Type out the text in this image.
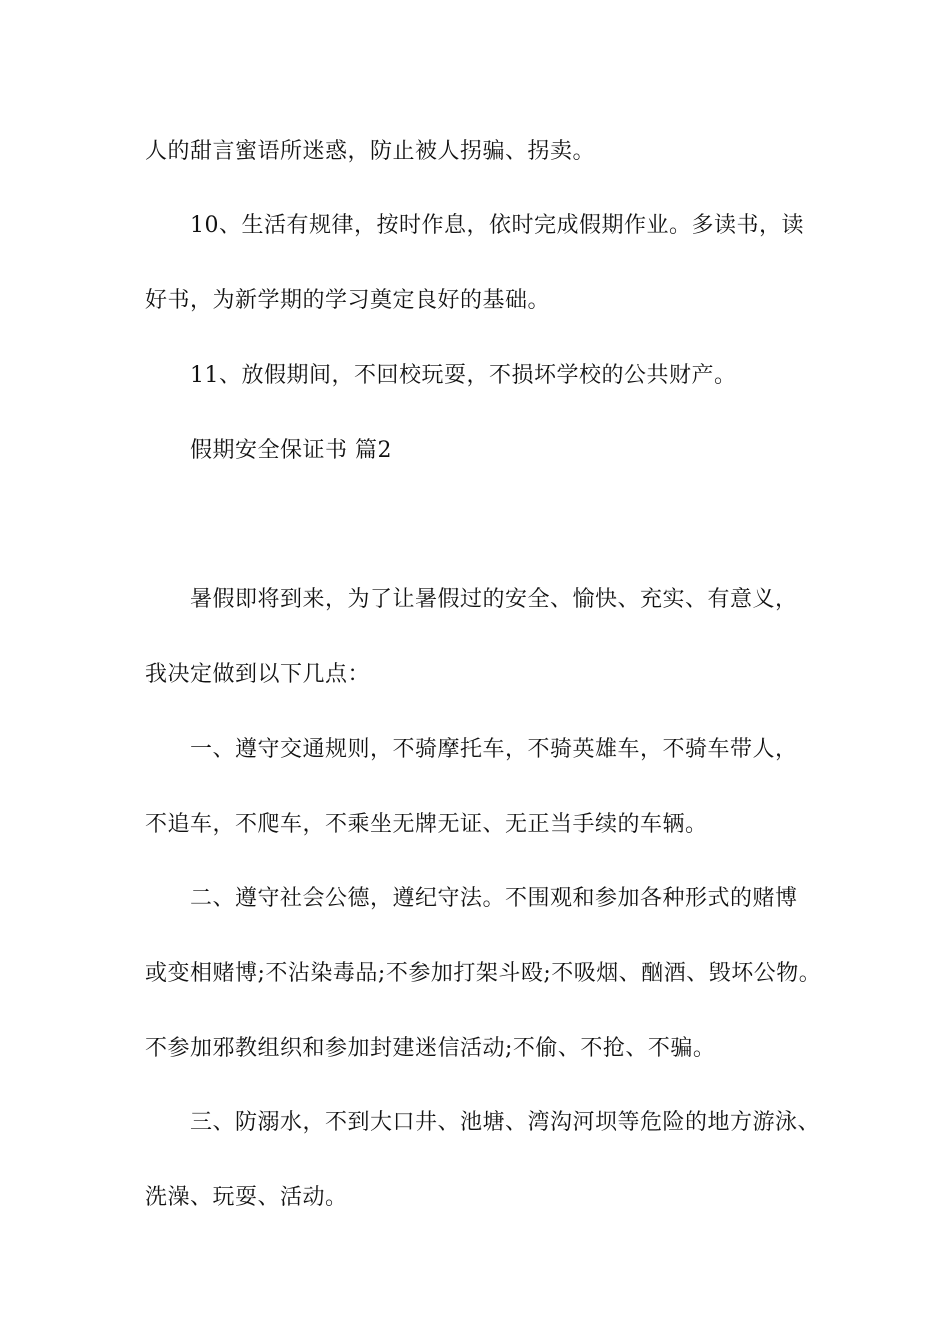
人的甜言蜜语所迷惑，防止被人拐骗、拐卖。
10、生活有规律，按时作息，依时完成假期作业。多读书，读
好书，为新学期的学习奠定良好的基础。
11、放假期间，不回校玩耍，不损坏学校的公共财产。
假期安全保证书 篇2
暑假即将到来，为了让暑假过的安全、愉快、充实、有意义，
我决定做到以下几点：
一、遵守交通规则，不骑摩托车，不骑英雄车，不骑车带人，
不追车，不爬车，不乘坐无牌无证、无正当手续的车辆。
二、遵守社会公德，遵纪守法。不围观和参加各种形式的赌博
或变相赌博;不沾染毒品;不参加打架斗殴;不吸烟、酗酒、毁坏公物。
不参加邪教组织和参加封建迷信活动;不偷、不抢、不骗。
三、防溺水，不到大口井、池塘、湾沟河坝等危险的地方游泳、
洗澡、玩耍、活动。
